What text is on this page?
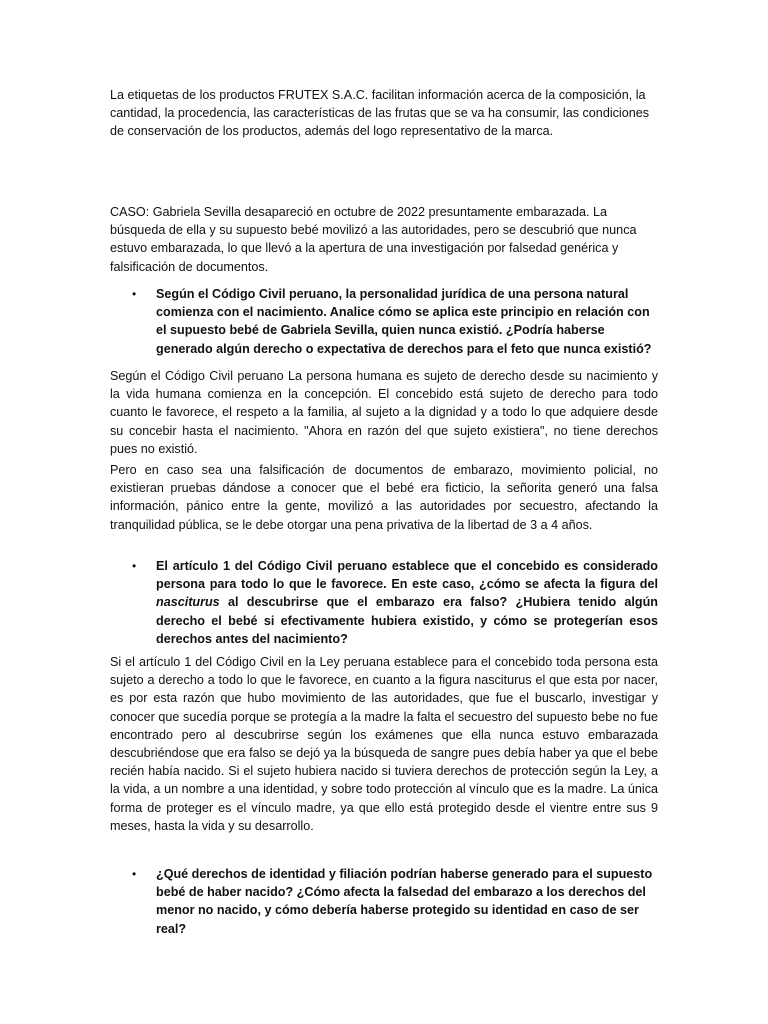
La etiquetas de los productos FRUTEX S.A.C. facilitan información acerca de la composición, la cantidad, la procedencia, las características de las frutas que se va ha consumir, las condiciones de conservación de los productos, además del logo representativo de la marca.

CASO: Gabriela Sevilla desapareció en octubre de 2022 presuntamente embarazada. La búsqueda de ella y su supuesto bebé movilizó a las autoridades, pero se descubrió que nunca estuvo embarazada, lo que llevó a la apertura de una investigación por falsedad genérica y falsificación de documentos.

• Según el Código Civil peruano, la personalidad jurídica de una persona natural comienza con el nacimiento. Analice cómo se aplica este principio en relación con el supuesto bebé de Gabriela Sevilla, quien nunca existió. ¿Podría haberse generado algún derecho o expectativa de derechos para el feto que nunca existió?

Según el Código Civil peruano La persona humana es sujeto de derecho desde su nacimiento y la vida humana comienza en la concepción. El concebido está sujeto de derecho para todo cuanto le favorece, el respeto a la familia, al sujeto a la dignidad y a todo lo que adquiere desde su concebir hasta el nacimiento. "Ahora en razón del que sujeto existiera", no tiene derechos pues no existió.

Pero en caso sea una falsificación de documentos de embarazo, movimiento policial, no existieran pruebas dándose a conocer que el bebé era ficticio, la señorita generó una falsa información, pánico entre la gente, movilizó a las autoridades por secuestro, afectando la tranquilidad pública, se le debe otorgar una pena privativa de la libertad de 3 a 4 años.

• El artículo 1 del Código Civil peruano establece que el concebido es considerado persona para todo lo que le favorece. En este caso, ¿cómo se afecta la figura del nasciturus al descubrirse que el embarazo era falso? ¿Hubiera tenido algún derecho el bebé si efectivamente hubiera existido, y cómo se protegerían esos derechos antes del nacimiento?

Si el artículo 1 del Código Civil en la Ley peruana establece para el concebido toda persona esta sujeto a derecho a todo lo que le favorece, en cuanto a la figura nasciturus el que esta por nacer, es por esta razón que hubo movimiento de las autoridades, que fue el buscarlo, investigar y conocer que sucedía porque se protegía a la madre la falta el secuestro del supuesto bebe no fue encontrado pero al descubrirse según los exámenes que ella nunca estuvo embarazada descubriéndose que era falso se dejó ya la búsqueda de sangre pues debía haber ya que el bebe recién había nacido. Si el sujeto hubiera nacido si tuviera derechos de protección según la Ley, a la vida, a un nombre a una identidad, y sobre todo protección al vínculo que es la madre. La única forma de proteger es el vínculo madre, ya que ello está protegido desde el vientre entre sus 9 meses, hasta la vida y su desarrollo.

• ¿Qué derechos de identidad y filiación podrían haberse generado para el supuesto bebé de haber nacido? ¿Cómo afecta la falsedad del embarazo a los derechos del menor no nacido, y cómo debería haberse protegido su identidad en caso de ser real?
